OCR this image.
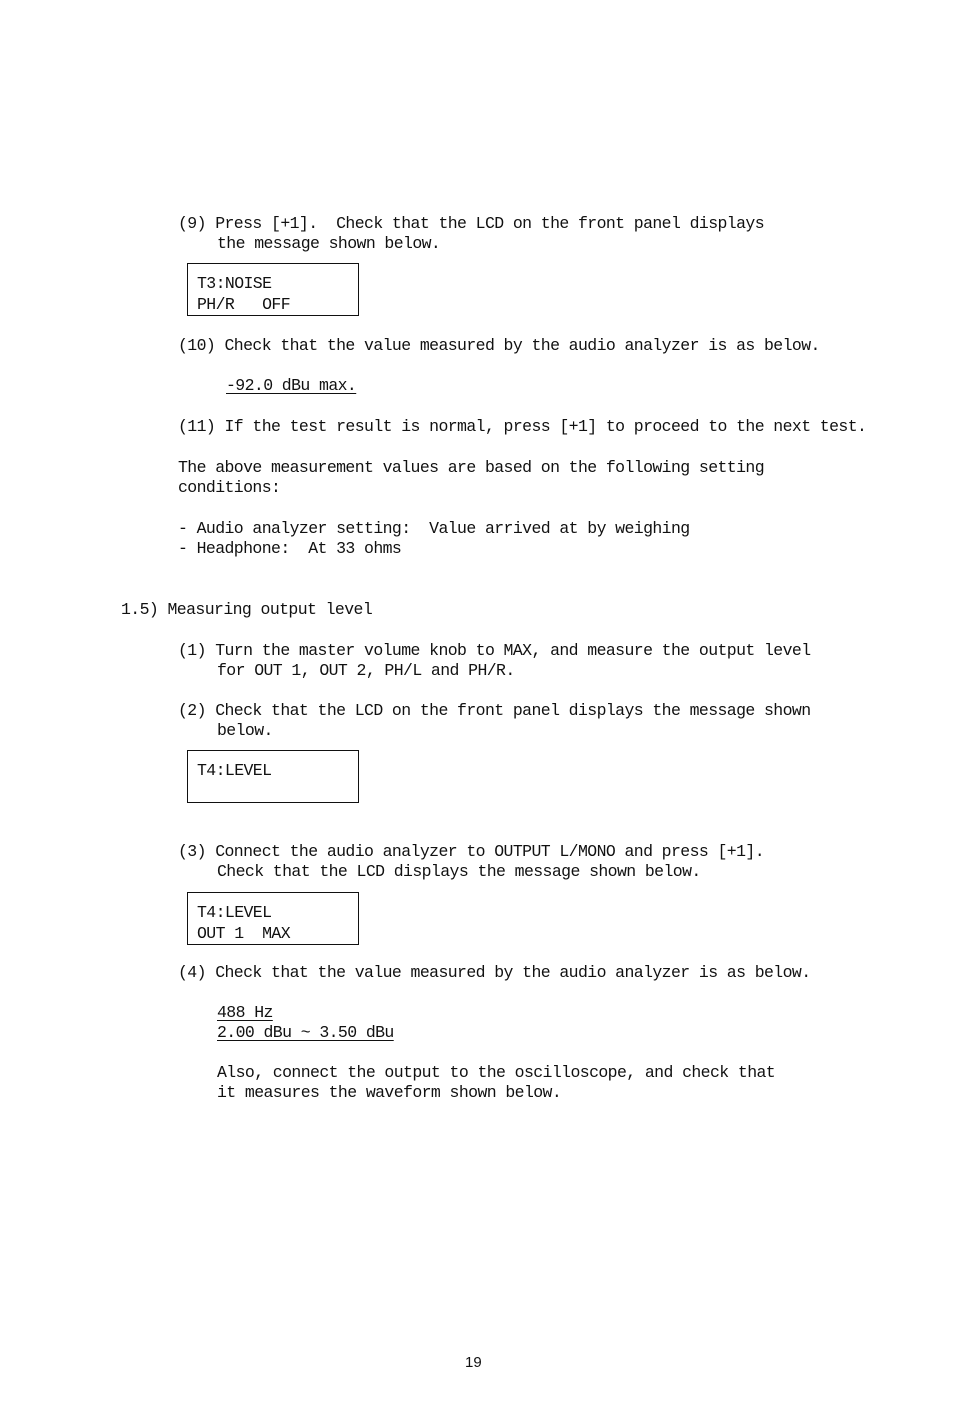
(9) Press [+1].  Check that the LCD on the front panel displays
the message shown below.
T3:NOISE
PH/R   OFF
(10) Check that the value measured by the audio analyzer is as below.
-92.0 dBu max.
(11) If the test result is normal, press [+1] to proceed to the next test.
The above measurement values are based on the following setting
conditions:
- Audio analyzer setting:  Value arrived at by weighing
- Headphone:  At 33 ohms
1.5) Measuring output level
(1) Turn the master volume knob to MAX, and measure the output level
for OUT 1, OUT 2, PH/L and PH/R.
(2) Check that the LCD on the front panel displays the message shown
below.
T4:LEVEL
(3) Connect the audio analyzer to OUTPUT L/MONO and press [+1].
Check that the LCD displays the message shown below.
T4:LEVEL
OUT 1  MAX
(4) Check that the value measured by the audio analyzer is as below.
488 Hz
2.00 dBu ~ 3.50 dBu
Also, connect the output to the oscilloscope, and check that
it measures the waveform shown below.
19
